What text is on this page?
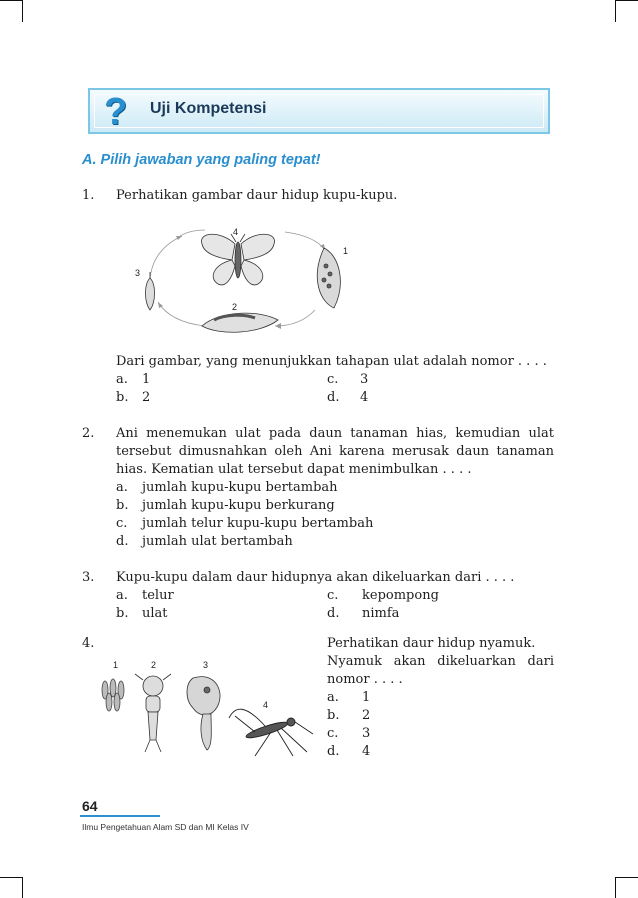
? Uji Kompetensi
A. Pilih jawaban yang paling tepat!
1. Perhatikan gambar daur hidup kupu-kupu.
4
1
3
2
Dari gambar, yang menunjukkan tahapan ulat adalah nomor . . . .
a. 1
b. 2
c. 3
d. 4
2. Ani menemukan ulat pada daun tanaman hias, kemudian ulat
tersebut dimusnahkan oleh Ani karena merusak daun tanaman
hias. Kematian ulat tersebut dapat menimbulkan . . . .
a. jumlah kupu-kupu bertambah
b. jumlah kupu-kupu berkurang
c. jumlah telur kupu-kupu bertambah
d. jumlah ulat bertambah
3. Kupu-kupu dalam daur hidupnya akan dikeluarkan dari . . . .
a. telur
b. ulat
c. kepompong
d. nimfa
4.
1	2	3
4
Perhatikan daur hidup nyamuk.
Nyamuk akan dikeluarkan dari
nomor . . . .
a. 1
b. 2
c. 3
d. 4
64
Ilmu Pengetahuan Alam SD dan MI Kelas IV
